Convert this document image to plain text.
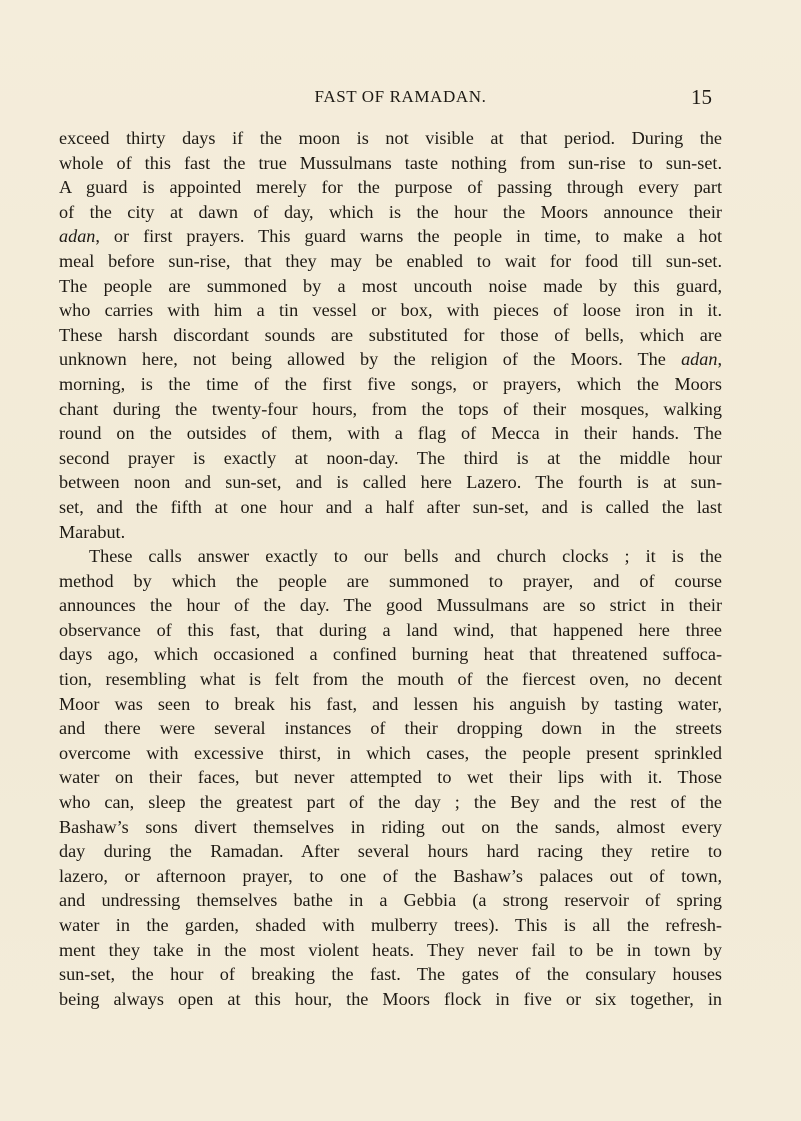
FAST OF RAMADAN.	15
exceed thirty days if the moon is not visible at that period. During the
whole of this fast the true Mussulmans taste nothing from sun-rise to sun-set.
A guard is appointed merely for the purpose of passing through every part
of the city at dawn of day, which is the hour the Moors announce their
adan, or first prayers. This guard warns the people in time, to make a hot
meal before sun-rise, that they may be enabled to wait for food till sun-set.
The people are summoned by a most uncouth noise made by this guard,
who carries with him a tin vessel or box, with pieces of loose iron in it.
These harsh discordant sounds are substituted for those of bells, which are
unknown here, not being allowed by the religion of the Moors. The adan,
morning, is the time of the first five songs, or prayers, which the Moors
chant during the twenty-four hours, from the tops of their mosques, walking
round on the outsides of them, with a flag of Mecca in their hands. The
second prayer is exactly at noon-day. The third is at the middle hour
between noon and sun-set, and is called here Lazero. The fourth is at sun-
set, and the fifth at one hour and a half after sun-set, and is called the last
Marabut.
These calls answer exactly to our bells and church clocks ; it is the
method by which the people are summoned to prayer, and of course
announces the hour of the day. The good Mussulmans are so strict in their
observance of this fast, that during a land wind, that happened here three
days ago, which occasioned a confined burning heat that threatened suffoca-
tion, resembling what is felt from the mouth of the fiercest oven, no decent
Moor was seen to break his fast, and lessen his anguish by tasting water,
and there were several instances of their dropping down in the streets
overcome with excessive thirst, in which cases, the people present sprinkled
water on their faces, but never attempted to wet their lips with it. Those
who can, sleep the greatest part of the day ; the Bey and the rest of the
Bashaw’s sons divert themselves in riding out on the sands, almost every
day during the Ramadan. After several hours hard racing they retire to
lazero, or afternoon prayer, to one of the Bashaw’s palaces out of town,
and undressing themselves bathe in a Gebbia (a strong reservoir of spring
water in the garden, shaded with mulberry trees). This is all the refresh-
ment they take in the most violent heats. They never fail to be in town by
sun-set, the hour of breaking the fast. The gates of the consulary houses
being always open at this hour, the Moors flock in five or six together, in
